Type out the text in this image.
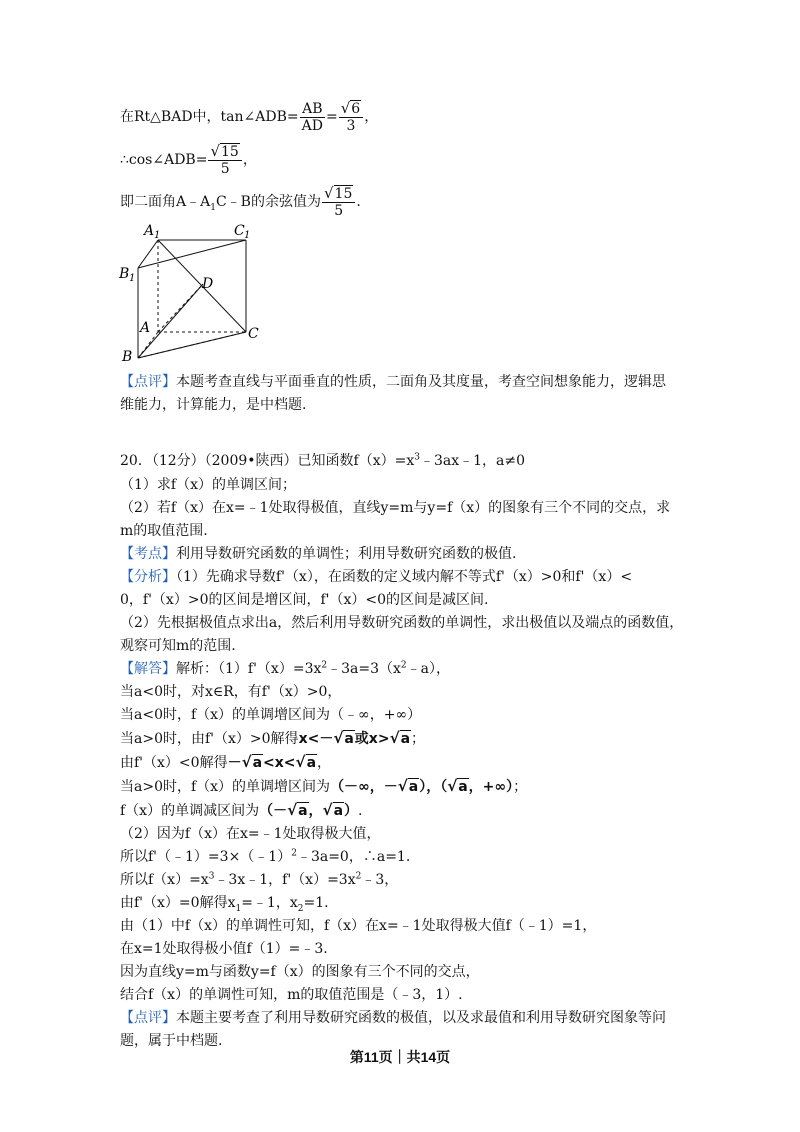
在Rt△BAD中，tan∠ADB= $\frac{AB}{AD} = \frac{√6}{3}$ ，
∴cos∠ADB= $\frac{√15}{5}$ ，
即二面角$A﹣A_1C﹣B$的余弦值为 $\frac{√15}{5}$ .
A 1	C 1
B 1	D
A	C
B
【点评】本题考查直线与平面垂直的性质，二面角及其度量，考查空间想象能力，逻辑思
维能力，计算能力，是中档题.
20．（12分）（2009•陕西）已知函数$f(x)=x^3﹣3ax﹣1$，a≠0
（1）求f（x）的单调区间；
（2）若f（x）在x=﹣1处取得极值，直线y=m与y=f（x）的图象有三个不同的交点，求
m的取值范围.
【考点】利用导数研究函数的单调性；利用导数研究函数的极值.
【分析】（1）先确求导数f'（x），在函数的定义域内解不等式f'（x）>0和f'（x）<
0，f'（x）>0的区间是增区间，f'（x）<0的区间是减区间.
（2）先根据极值点求出a，然后利用导数研究函数的单调性，求出极值以及端点的函数值，
观察可知m的范围.
【解答】解析：$(1)f'(x)=3x^2﹣3a=3(x^2﹣a)$，
当a<0时，对x∈R，有f'（x）>0，
当a<0时，f（x）的单调增区间为（﹣∞，+∞）
当a>0时，由f'（x）>0解得x<－√a或x>√a；
由f'（x）<0解得－√a<x<√a，
当a>0时，f（x）的单调增区间为（－∞，－√a），（√a，+∞）；
f（x）的单调减区间为（－√a，√a）.
（2）因为f（x）在x=﹣1处取得极大值，
所以f'（﹣1）=3×（﹣1）$^2$﹣3a=0，∴a=1.
所以$f(x)=x^3﹣3x﹣1$，$f'(x)=3x^2﹣3$，
由f'（x）=0解得$x_1=﹣1$，$x_2=1$.
由（1）中f（x）的单调性可知，f（x）在x=﹣1处取得极大值f（﹣1）=1，
在x=1处取得极小值f（1）=﹣3.
因为直线y=m与函数y=f（x）的图象有三个不同的交点，
结合f（x）的单调性可知，m的取值范围是（﹣3，1）.
【点评】本题主要考查了利用导数研究函数的极值，以及求最值和利用导数研究图象等问
题，属于中档题.
第11页｜共14页
